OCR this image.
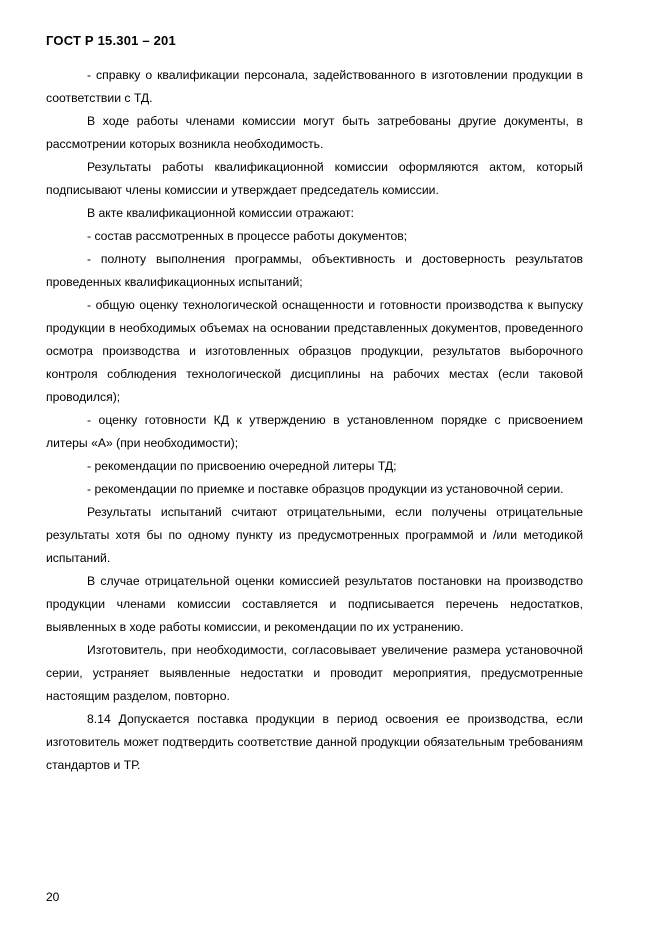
ГОСТ Р 15.301 – 201

- справку о квалификации персонала, задействованного в изготовлении продукции в соответствии с ТД.

В ходе работы членами комиссии могут быть затребованы другие документы, в рассмотрении которых возникла необходимость.

Результаты работы квалификационной комиссии оформляются актом, который подписывают члены комиссии и утверждает председатель комиссии.

В акте квалификационной комиссии отражают:

- состав рассмотренных в процессе работы документов;

- полноту выполнения программы, объективность и достоверность результатов проведенных квалификационных испытаний;

- общую оценку технологической оснащенности и готовности производства к выпуску продукции в необходимых объемах на основании представленных документов, проведенного осмотра производства и изготовленных образцов продукции, результатов выборочного контроля соблюдения технологической дисциплины на рабочих местах (если таковой проводился);

- оценку готовности КД к утверждению в установленном порядке с присвоением литеры «А» (при необходимости);

- рекомендации по присвоению очередной литеры ТД;

- рекомендации по приемке и поставке образцов продукции из установочной серии.

Результаты испытаний считают отрицательными, если получены отрицательные результаты хотя бы по одному пункту из предусмотренных программой и /или методикой испытаний.

В случае отрицательной оценки комиссией результатов постановки на производство продукции членами комиссии составляется и подписывается перечень недостатков, выявленных в ходе работы комиссии, и рекомендации по их устранению.

Изготовитель, при необходимости, согласовывает увеличение размера установочной серии, устраняет выявленные недостатки и проводит мероприятия, предусмотренные настоящим разделом, повторно.

8.14 Допускается поставка продукции в период освоения ее производства, если изготовитель может подтвердить соответствие данной продукции обязательным требованиям стандартов и ТР.

20
